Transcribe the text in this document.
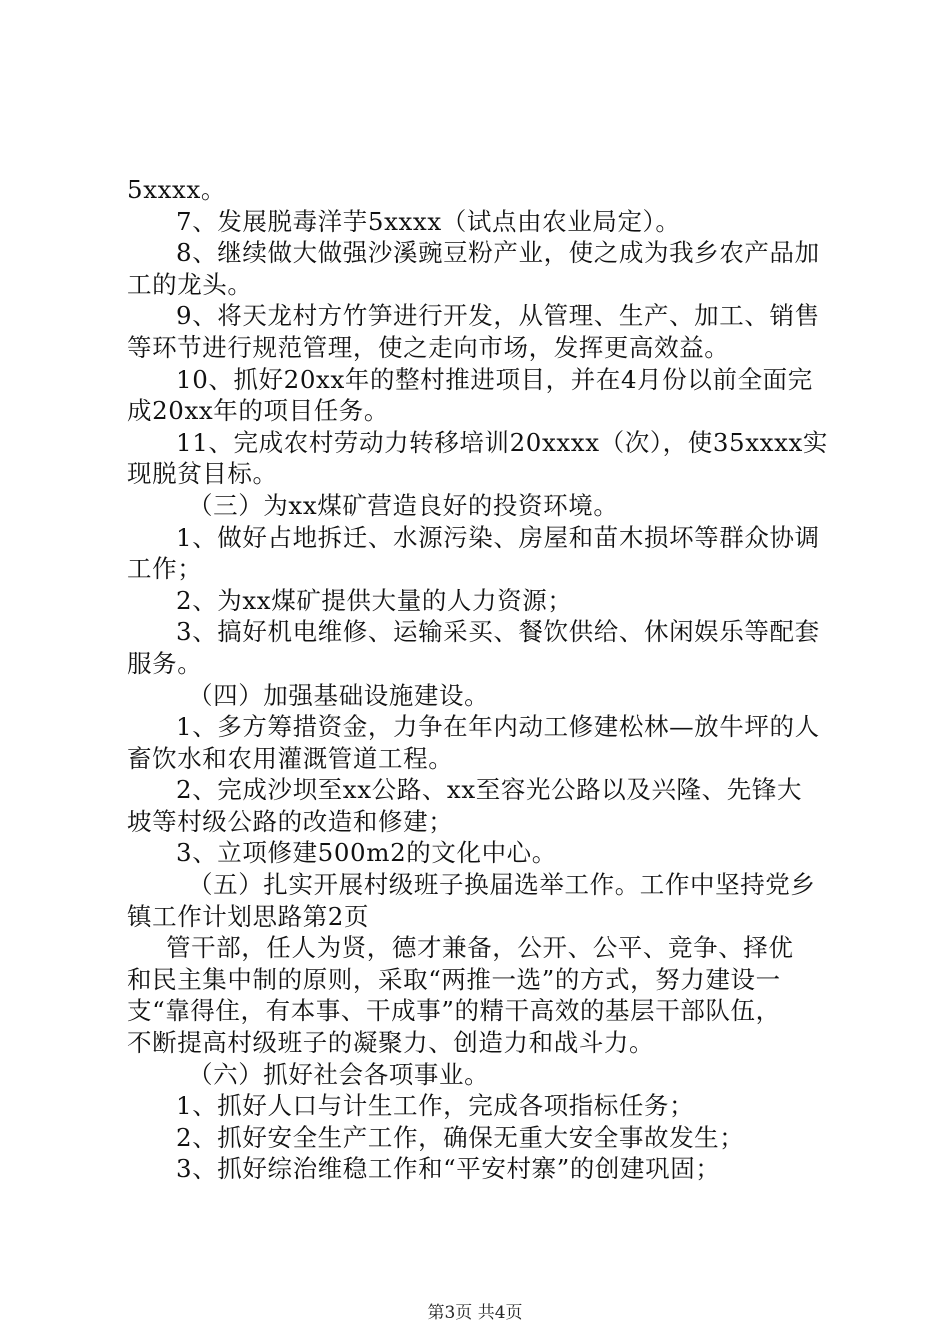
5xxxx。
7、发展脱毒洋芋5xxxx（试点由农业局定）。
8、继续做大做强沙溪豌豆粉产业，使之成为我乡农产品加
工的龙头。
9、将天龙村方竹笋进行开发，从管理、生产、加工、销售
等环节进行规范管理，使之走向市场，发挥更高效益。
10、抓好20xx年的整村推进项目，并在4月份以前全面完
成20xx年的项目任务。
11、完成农村劳动力转移培训20xxxx（次），使35xxxx实
现脱贫目标。
（三）为xx煤矿营造良好的投资环境。
1、做好占地拆迁、水源污染、房屋和苗木损坏等群众协调
工作；
2、为xx煤矿提供大量的人力资源；
3、搞好机电维修、运输采买、餐饮供给、休闲娱乐等配套
服务。
（四）加强基础设施建设。
1、多方筹措资金，力争在年内动工修建松林—放牛坪的人
畜饮水和农用灌溉管道工程。
2、完成沙坝至xx公路、xx至容光公路以及兴隆、先锋大
坡等村级公路的改造和修建；
3、立项修建500m2的文化中心。
（五）扎实开展村级班子换届选举工作。工作中坚持党乡
镇工作计划思路第2页
管干部，任人为贤，德才兼备，公开、公平、竞争、择优
和民主集中制的原则，采取“两推一选”的方式，努力建设一
支“靠得住，有本事、干成事”的精干高效的基层干部队伍，
不断提高村级班子的凝聚力、创造力和战斗力。
（六）抓好社会各项事业。
1、抓好人口与计生工作，完成各项指标任务；
2、抓好安全生产工作，确保无重大安全事故发生；
3、抓好综治维稳工作和“平安村寨”的创建巩固；
第3页 共4页
